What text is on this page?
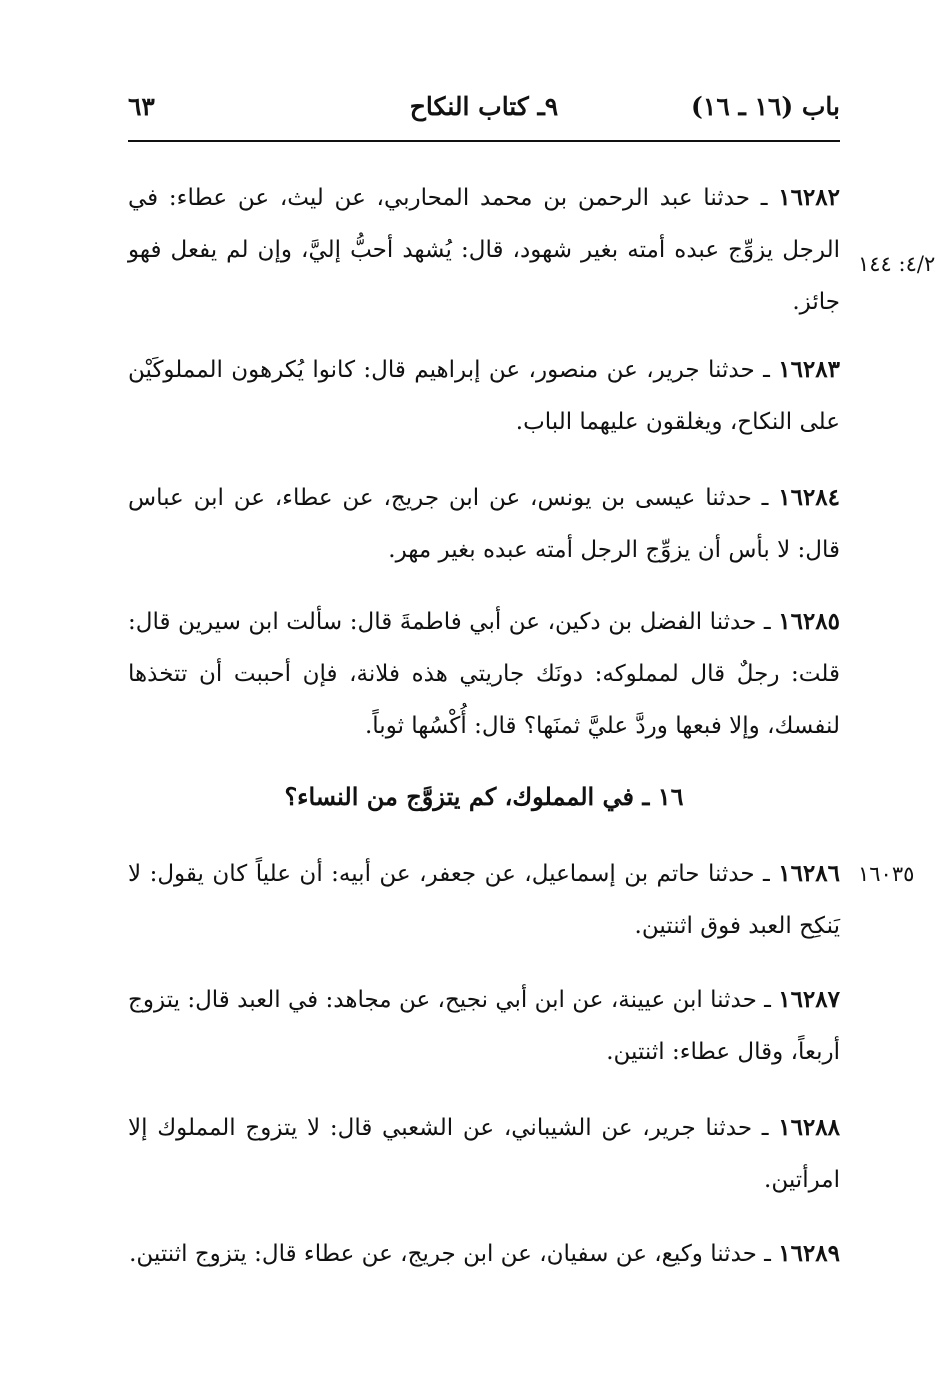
باب (١٦ ـ ١٦)
٩ـ كتاب النكاح
٦٣
١٦٢٨٢ ـ حدثنا عبد الرحمن بن محمد المحاربي، عن ليث، عن عطاء: في الرجل يزوِّج عبده أمته بغير شهود، قال: يُشهد أحبُّ إليَّ، وإن لم يفعل فهو جائز.
٤/٢: ١٤٤
١٦٢٨٣ ـ حدثنا جرير، عن منصور، عن إبراهيم قال: كانوا يُكرهون المملوكَيْن على النكاح، ويغلقون عليهما الباب.
١٦٢٨٤ ـ حدثنا عيسى بن يونس، عن ابن جريج، عن عطاء، عن ابن عباس قال: لا بأس أن يزوِّج الرجل أمته عبده بغير مهر.
١٦٢٨٥ ـ حدثنا الفضل بن دكين، عن أبي فاطمةَ قال: سألت ابن سيرين قال: قلت: رجلٌ قال لمملوكه: دونَك جاريتي هذه فلانة، فإن أحببت أن تتخذها لنفسك، وإلا فبعها وردَّ عليَّ ثمنَها؟ قال: أُكْسُها ثوباً.
١٦ ـ في المملوك، كم يتزوَّج من النساء؟
١٦٢٨٦ ـ حدثنا حاتم بن إسماعيل، عن جعفر، عن أبيه: أن علياً كان يقول: لا يَنكِح العبد فوق اثنتين.
١٦٠٣٥
١٦٢٨٧ ـ حدثنا ابن عيينة، عن ابن أبي نجيح، عن مجاهد: في العبد قال: يتزوج أربعاً، وقال عطاء: اثنتين.
١٦٢٨٨ ـ حدثنا جرير، عن الشيباني، عن الشعبي قال: لا يتزوج المملوك إلا امرأتين.
١٦٢٨٩ ـ حدثنا وكيع، عن سفيان، عن ابن جريج، عن عطاء قال: يتزوج اثنتين.
